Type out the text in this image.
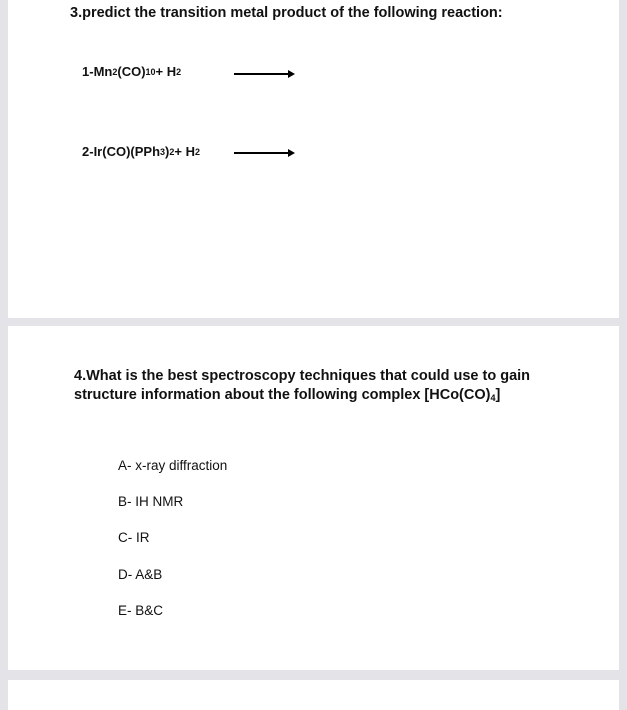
3.predict the transition metal product of the following reaction:
1- Mn 2 (CO) 10 + H 2
2- Ir(CO)(PPh 3 ) 2 + H 2
4.What is the best spectroscopy techniques that could use to gain
structure information about the following complex $[HCo(CO)_4]$
A- x-ray diffraction
B- IH NMR
C- IR
D- A&B
E- B&C
